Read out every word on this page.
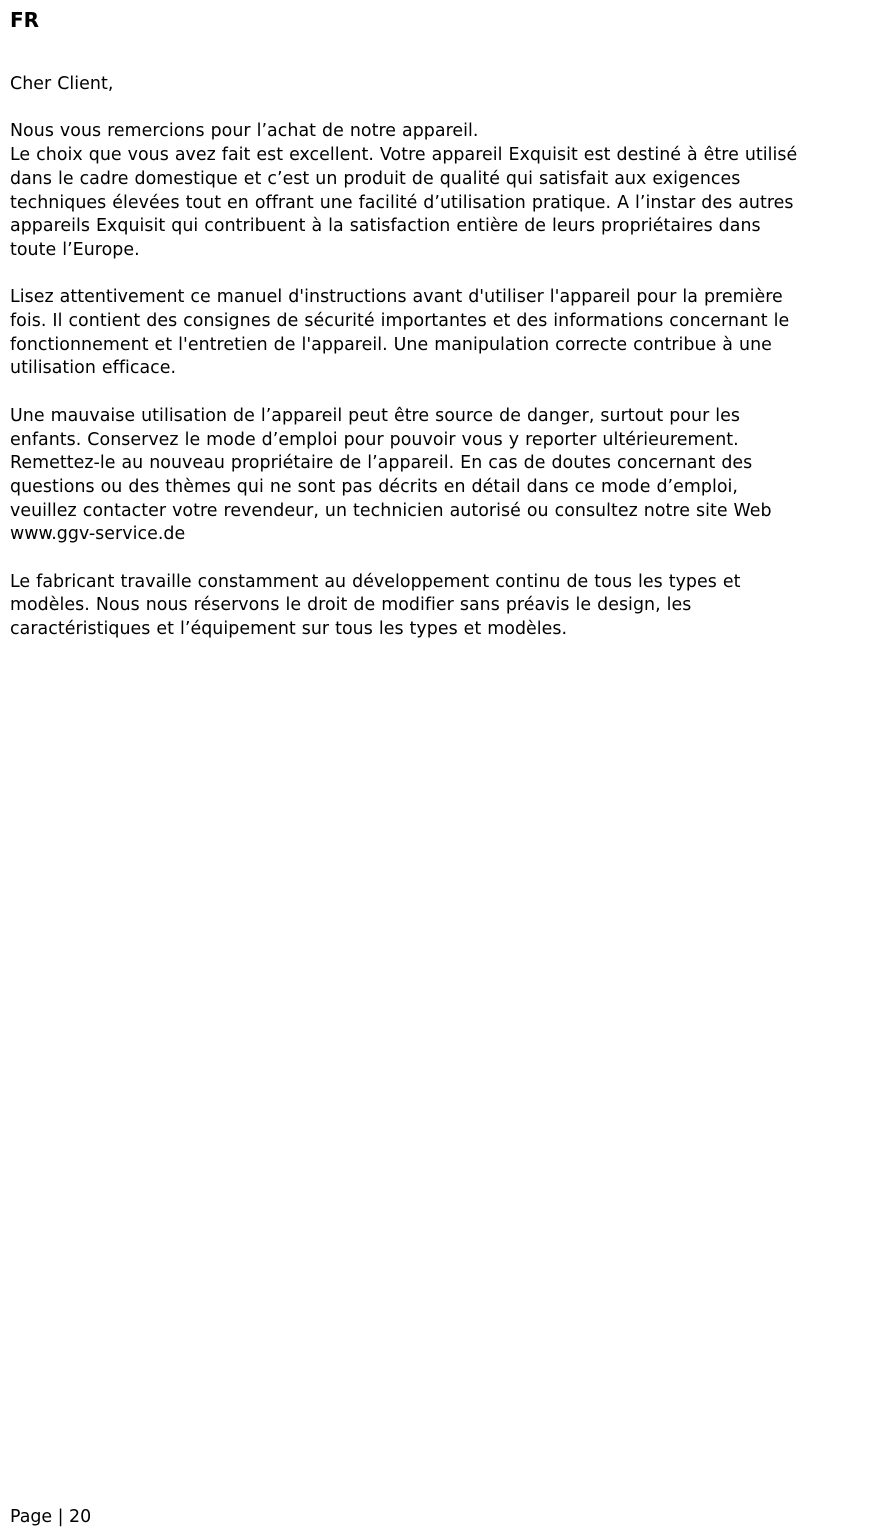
FR

Cher Client,

Nous vous remercions pour l’achat de notre appareil.

Le choix que vous avez fait est excellent. Votre appareil Exquisit est destiné à être utilisé
dans le cadre domestique et c’est un produit de qualité qui satisfait aux exigences
techniques élevées tout en offrant une facilité d’utilisation pratique. A l’instar des autres
appareils Exquisit qui contribuent à la satisfaction entière de leurs propriétaires dans
toute l’Europe.

Lisez attentivement ce manuel d'instructions avant d'utiliser l'appareil pour la première
fois. Il contient des consignes de sécurité importantes et des informations concernant le
fonctionnement et l'entretien de l'appareil. Une manipulation correcte contribue à une
utilisation efficace.

Une mauvaise utilisation de l’appareil peut être source de danger, surtout pour les
enfants. Conservez le mode d’emploi pour pouvoir vous y reporter ultérieurement.
Remettez-le au nouveau propriétaire de l’appareil. En cas de doutes concernant des
questions ou des thèmes qui ne sont pas décrits en détail dans ce mode d’emploi,
veuillez contacter votre revendeur, un technicien autorisé ou consultez notre site Web
www.ggv-service.de

Le fabricant travaille constamment au développement continu de tous les types et
modèles. Nous nous réservons le droit de modifier sans préavis le design, les
caractéristiques et l’équipement sur tous les types et modèles.

Page | 20
